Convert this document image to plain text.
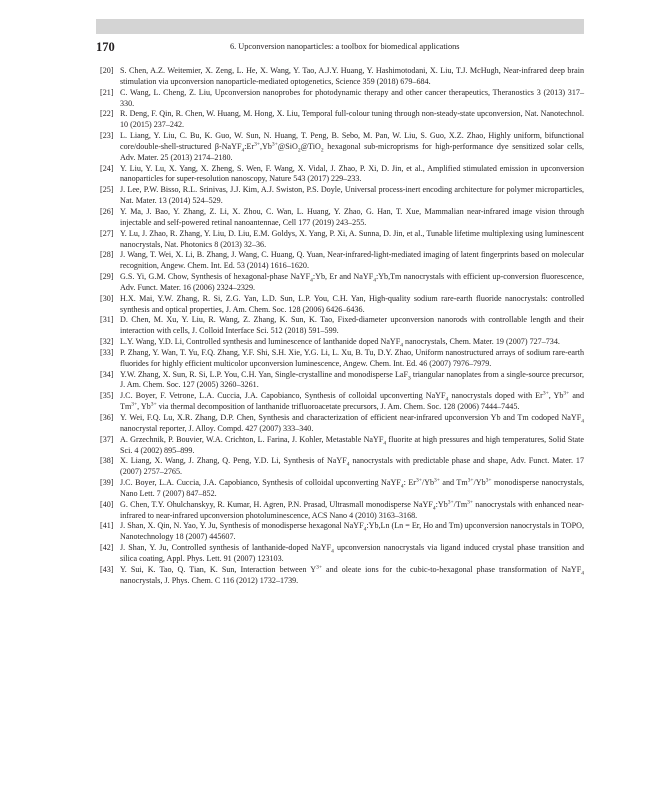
170	6. Upconversion nanoparticles: a toolbox for biomedical applications
[20] S. Chen, A.Z. Weitemier, X. Zeng, L. He, X. Wang, Y. Tao, A.J.Y. Huang, Y. Hashimotodani, X. Liu, T.J. McHugh, Near-infrared deep brain stimulation via upconversion nanoparticle-mediated optogenetics, Science 359 (2018) 679–684.
[21] C. Wang, L. Cheng, Z. Liu, Upconversion nanoprobes for photodynamic therapy and other cancer therapeutics, Theranostics 3 (2013) 317–330.
[22] R. Deng, F. Qin, R. Chen, W. Huang, M. Hong, X. Liu, Temporal full-colour tuning through non-steady-state upconversion, Nat. Nanotechnol. 10 (2015) 237–242.
[23] L. Liang, Y. Liu, C. Bu, K. Guo, W. Sun, N. Huang, T. Peng, B. Sebo, M. Pan, W. Liu, S. Guo, X.Z. Zhao, Highly uniform, bifunctional core/double-shell-structured $\beta-NaYF_4:Er^{3+},Yb^{3+}@SiO_2@TiO_2$ hexagonal sub-microprisms for high-performance dye sensitized solar cells, Adv. Mater. 25 (2013) 2174–2180.
[24] Y. Liu, Y. Lu, X. Yang, X. Zheng, S. Wen, F. Wang, X. Vidal, J. Zhao, P. Xi, D. Jin, et al., Amplified stimulated emission in upconversion nanoparticles for super-resolution nanoscopy, Nature 543 (2017) 229–233.
[25] J. Lee, P.W. Bisso, R.L. Srinivas, J.J. Kim, A.J. Swiston, P.S. Doyle, Universal process-inert encoding architecture for polymer microparticles, Nat. Mater. 13 (2014) 524–529.
[26] Y. Ma, J. Bao, Y. Zhang, Z. Li, X. Zhou, C. Wan, L. Huang, Y. Zhao, G. Han, T. Xue, Mammalian near-infrared image vision through injectable and self-powered retinal nanoantennae, Cell 177 (2019) 243–255.
[27] Y. Lu, J. Zhao, R. Zhang, Y. Liu, D. Liu, E.M. Goldys, X. Yang, P. Xi, A. Sunna, D. Jin, et al., Tunable lifetime multiplexing using luminescent nanocrystals, Nat. Photonics 8 (2013) 32–36.
[28] J. Wang, T. Wei, X. Li, B. Zhang, J. Wang, C. Huang, Q. Yuan, Near-infrared-light-mediated imaging of latent fingerprints based on molecular recognition, Angew. Chem. Int. Ed. 53 (2014) 1616–1620.
[29] G.S. Yi, G.M. Chow, Synthesis of hexagonal-phase NaYF$_4$:Yb, Er and NaYF$_4$:Yb,Tm nanocrystals with efficient up-conversion fluorescence, Adv. Funct. Mater. 16 (2006) 2324–2329.
[30] H.X. Mai, Y.W. Zhang, R. Si, Z.G. Yan, L.D. Sun, L.P. You, C.H. Yan, High-quality sodium rare-earth fluoride nanocrystals: controlled synthesis and optical properties, J. Am. Chem. Soc. 128 (2006) 6426–6436.
[31] D. Chen, M. Xu, Y. Liu, R. Wang, Z. Zhang, K. Sun, K. Tao, Fixed-diameter upconversion nanorods with controllable length and their interaction with cells, J. Colloid Interface Sci. 512 (2018) 591–599.
[32] L.Y. Wang, Y.D. Li, Controlled synthesis and luminescence of lanthanide doped NaYF$_4$ nanocrystals, Chem. Mater. 19 (2007) 727–734.
[33] P. Zhang, Y. Wan, T. Yu, F.Q. Zhang, Y.F. Shi, S.H. Xie, Y.G. Li, L. Xu, B. Tu, D.Y. Zhao, Uniform nanostructured arrays of sodium rare-earth fluorides for highly efficient multicolor upconversion luminescence, Angew. Chem. Int. Ed. 46 (2007) 7976–7979.
[34] Y.W. Zhang, X. Sun, R. Si, L.P. You, C.H. Yan, Single-crystalline and monodisperse LaF$_3$ triangular nanoplates from a single-source precursor, J. Am. Chem. Soc. 127 (2005) 3260–3261.
[35] J.C. Boyer, F. Vetrone, L.A. Cuccia, J.A. Capobianco, Synthesis of colloidal upconverting NaYF$_4$ nanocrystals doped with $Er^{3+}$, $Yb^{3+}$ and $Tm^{3+}$, $Yb^{3+}$ via thermal decomposition of lanthanide trifluoroacetate precursors, J. Am. Chem. Soc. 128 (2006) 7444–7445.
[36] Y. Wei, F.Q. Lu, X.R. Zhang, D.P. Chen, Synthesis and characterization of efficient near-infrared upconversion Yb and Tm codoped NaYF$_4$ nanocrystal reporter, J. Alloy. Compd. 427 (2007) 333–340.
[37] A. Grzechnik, P. Bouvier, W.A. Crichton, L. Farina, J. Kohler, Metastable NaYF$_4$ fluorite at high pressures and high temperatures, Solid State Sci. 4 (2002) 895–899.
[38] X. Liang, X. Wang, J. Zhang, Q. Peng, Y.D. Li, Synthesis of NaYF$_4$ nanocrystals with predictable phase and shape, Adv. Funct. Mater. 17 (2007) 2757–2765.
[39] J.C. Boyer, L.A. Cuccia, J.A. Capobianco, Synthesis of colloidal upconverting NaYF$_4$: $Er^{3+}/Yb^{3+}$ and $Tm^{3+}/Yb^{3+}$ monodisperse nanocrystals, Nano Lett. 7 (2007) 847–852.
[40] G. Chen, T.Y. Ohulchanskyy, R. Kumar, H. Agren, P.N. Prasad, Ultrasmall monodisperse $NaYF_4:Yb^{3+}/Tm^{3+}$ nanocrystals with enhanced near-infrared to near-infrared upconversion photoluminescence, ACS Nano 4 (2010) 3163–3168.
[41] J. Shan, X. Qin, N. Yao, Y. Ju, Synthesis of monodisperse hexagonal NaYF$_4$:Yb,Ln (Ln = Er, Ho and Tm) upconversion nanocrystals in TOPO, Nanotechnology 18 (2007) 445607.
[42] J. Shan, Y. Ju, Controlled synthesis of lanthanide-doped NaYF$_4$ upconversion nanocrystals via ligand induced crystal phase transition and silica coating, Appl. Phys. Lett. 91 (2007) 123103.
[43] Y. Sui, K. Tao, Q. Tian, K. Sun, Interaction between $Y^{3+}$ and oleate ions for the cubic-to-hexagonal phase transformation of NaYF$_4$ nanocrystals, J. Phys. Chem. C 116 (2012) 1732–1739.
